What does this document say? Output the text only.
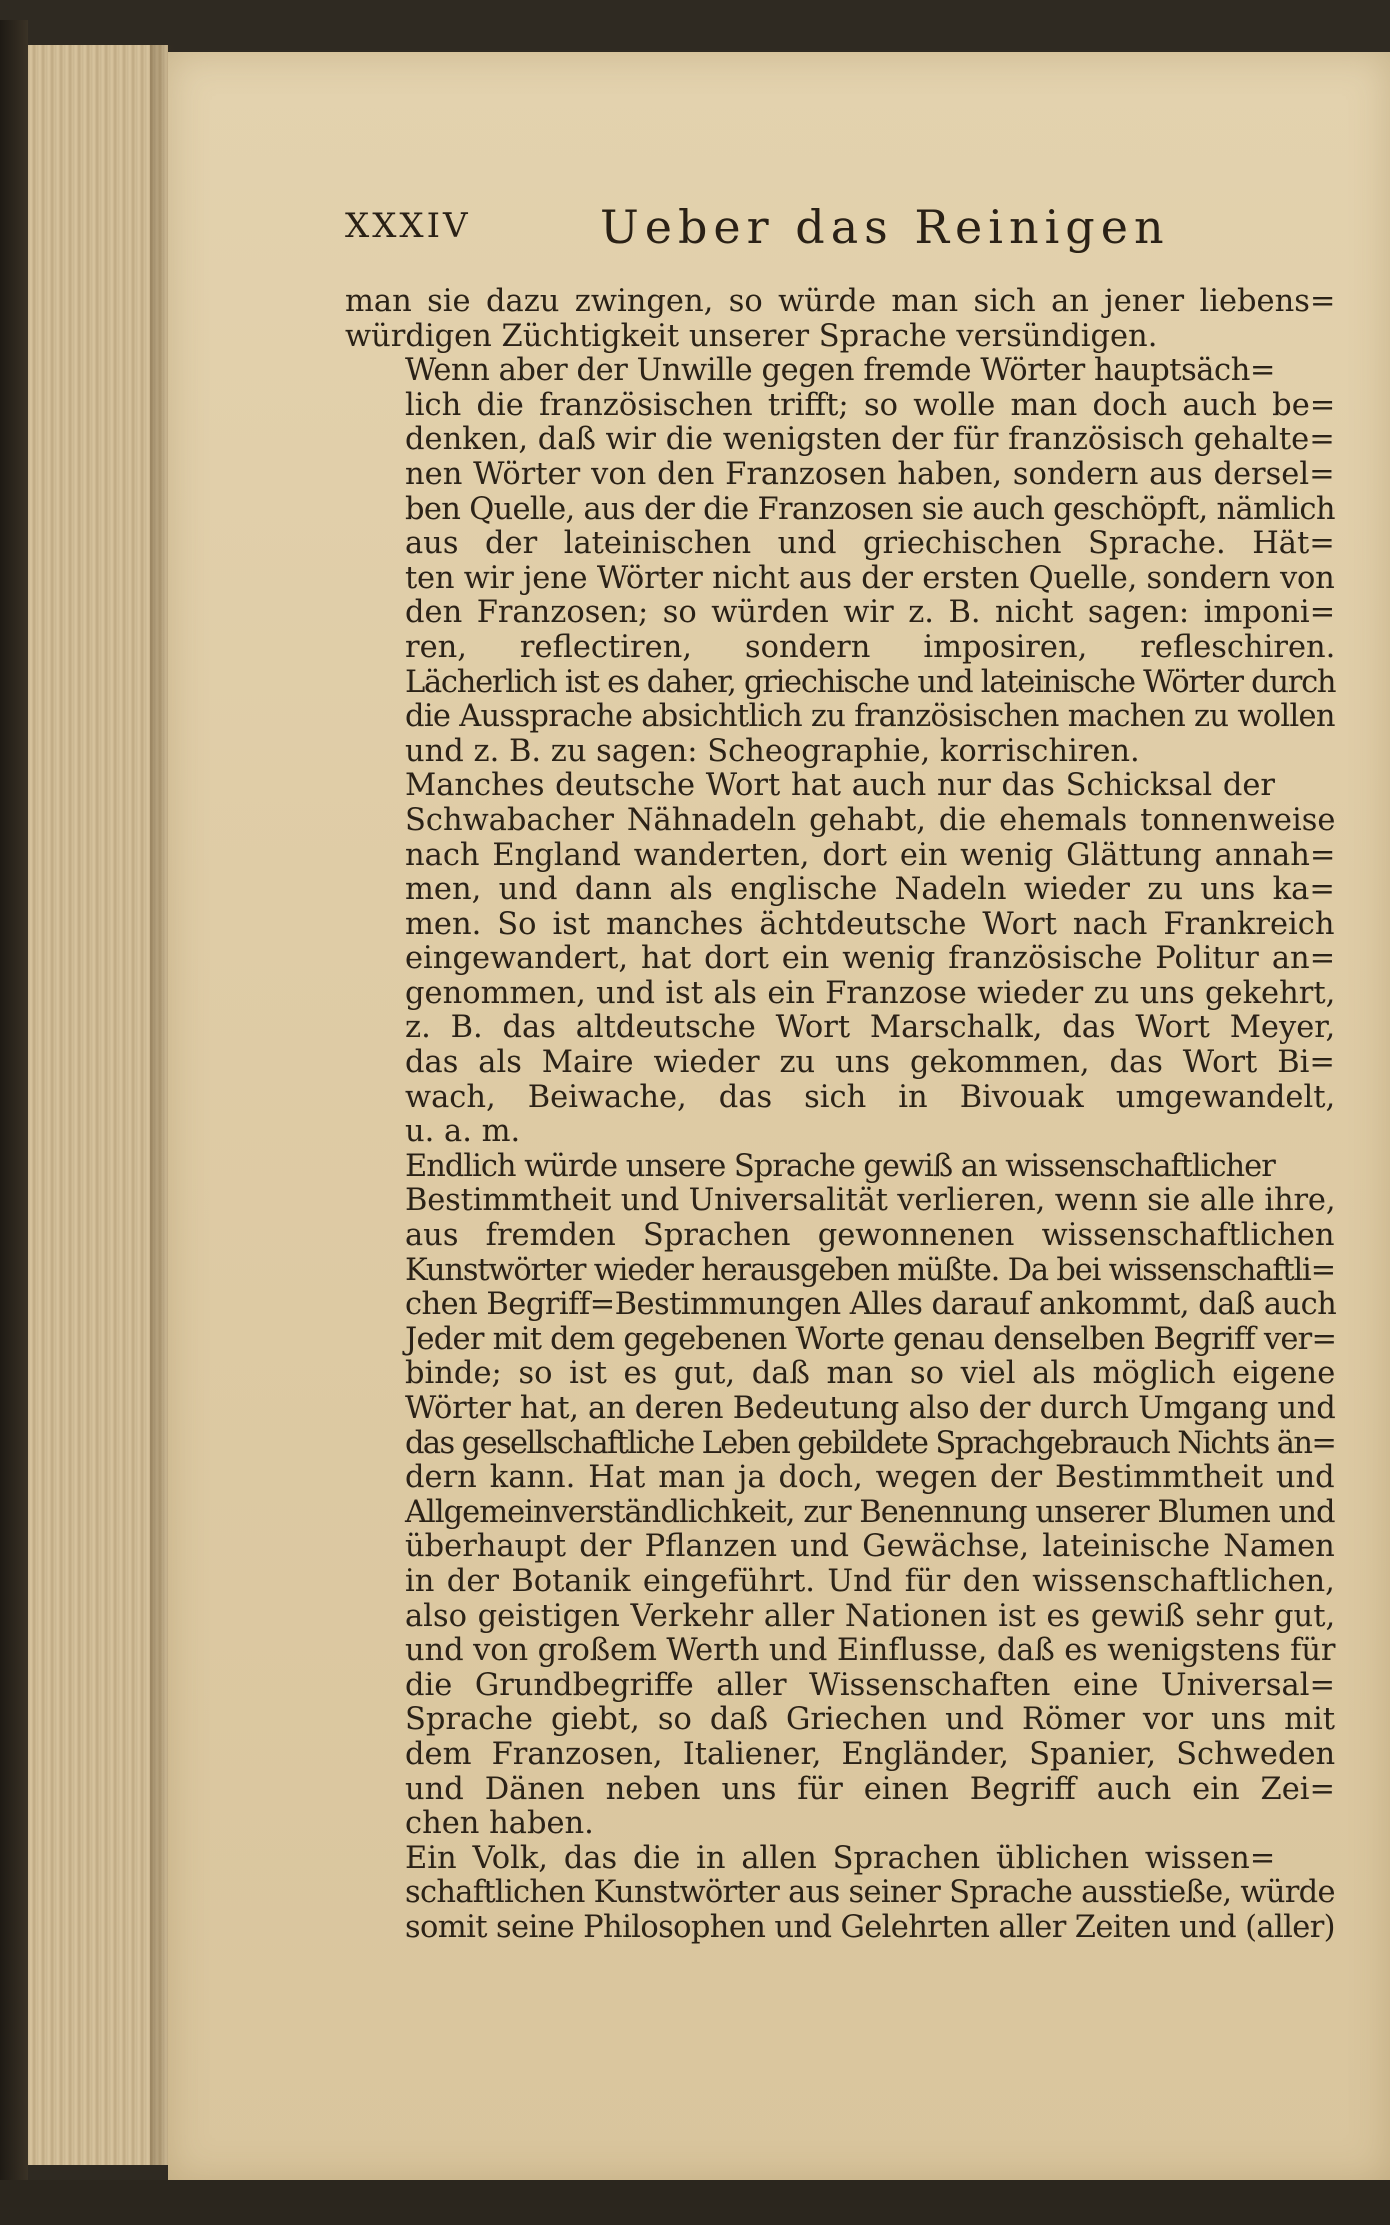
XXXIV	Ueber das Reinigen

man sie dazu zwingen, so würde man sich an jener liebens=
würdigen Züchtigkeit unserer Sprache versündigen.

Wenn aber der Unwille gegen fremde Wörter hauptsäch=
lich die französischen trifft; so wolle man doch auch be=
denken, daß wir die wenigsten der für französisch gehalte=
nen Wörter von den Franzosen haben, sondern aus dersel=
ben Quelle, aus der die Franzosen sie auch geschöpft, nämlich
aus der lateinischen und griechischen Sprache. Hät=
ten wir jene Wörter nicht aus der ersten Quelle, sondern von
den Franzosen; so würden wir z. B. nicht sagen: imponi=
ren, reflectiren, sondern imposiren, refleschiren.
Lächerlich ist es daher, griechische und lateinische Wörter durch
die Aussprache absichtlich zu französischen machen zu wollen
und z. B. zu sagen: Scheographie, korrischiren.

Manches deutsche Wort hat auch nur das Schicksal der
Schwabacher Nähnadeln gehabt, die ehemals tonnenweise
nach England wanderten, dort ein wenig Glättung annah=
men, und dann als englische Nadeln wieder zu uns ka=
men. So ist manches ächtdeutsche Wort nach Frankreich
eingewandert, hat dort ein wenig französische Politur an=
genommen, und ist als ein Franzose wieder zu uns gekehrt,
z. B. das altdeutsche Wort Marschalk, das Wort Meyer,
das als Maire wieder zu uns gekommen, das Wort Bi=
wach, Beiwache, das sich in Bivouak umgewandelt,
u. a. m.

Endlich würde unsere Sprache gewiß an wissenschaftlicher
Bestimmtheit und Universalität verlieren, wenn sie alle ihre,
aus fremden Sprachen gewonnenen wissenschaftlichen
Kunstwörter wieder herausgeben müßte. Da bei wissenschaftli=
chen Begriff=Bestimmungen Alles darauf ankommt, daß auch
Jeder mit dem gegebenen Worte genau denselben Begriff ver=
binde; so ist es gut, daß man so viel als möglich eigene
Wörter hat, an deren Bedeutung also der durch Umgang und
das gesellschaftliche Leben gebildete Sprachgebrauch Nichts än=
dern kann. Hat man ja doch, wegen der Bestimmtheit und
Allgemeinverständlichkeit, zur Benennung unserer Blumen und
überhaupt der Pflanzen und Gewächse, lateinische Namen
in der Botanik eingeführt. Und für den wissenschaftlichen,
also geistigen Verkehr aller Nationen ist es gewiß sehr gut,
und von großem Werth und Einflusse, daß es wenigstens für
die Grundbegriffe aller Wissenschaften eine Universal=
Sprache giebt, so daß Griechen und Römer vor uns mit
dem Franzosen, Italiener, Engländer, Spanier, Schweden
und Dänen neben uns für einen Begriff auch ein Zei=
chen haben.

Ein Volk, das die in allen Sprachen üblichen wissen=
schaftlichen Kunstwörter aus seiner Sprache ausstieße, würde
somit seine Philosophen und Gelehrten aller Zeiten und (aller)
